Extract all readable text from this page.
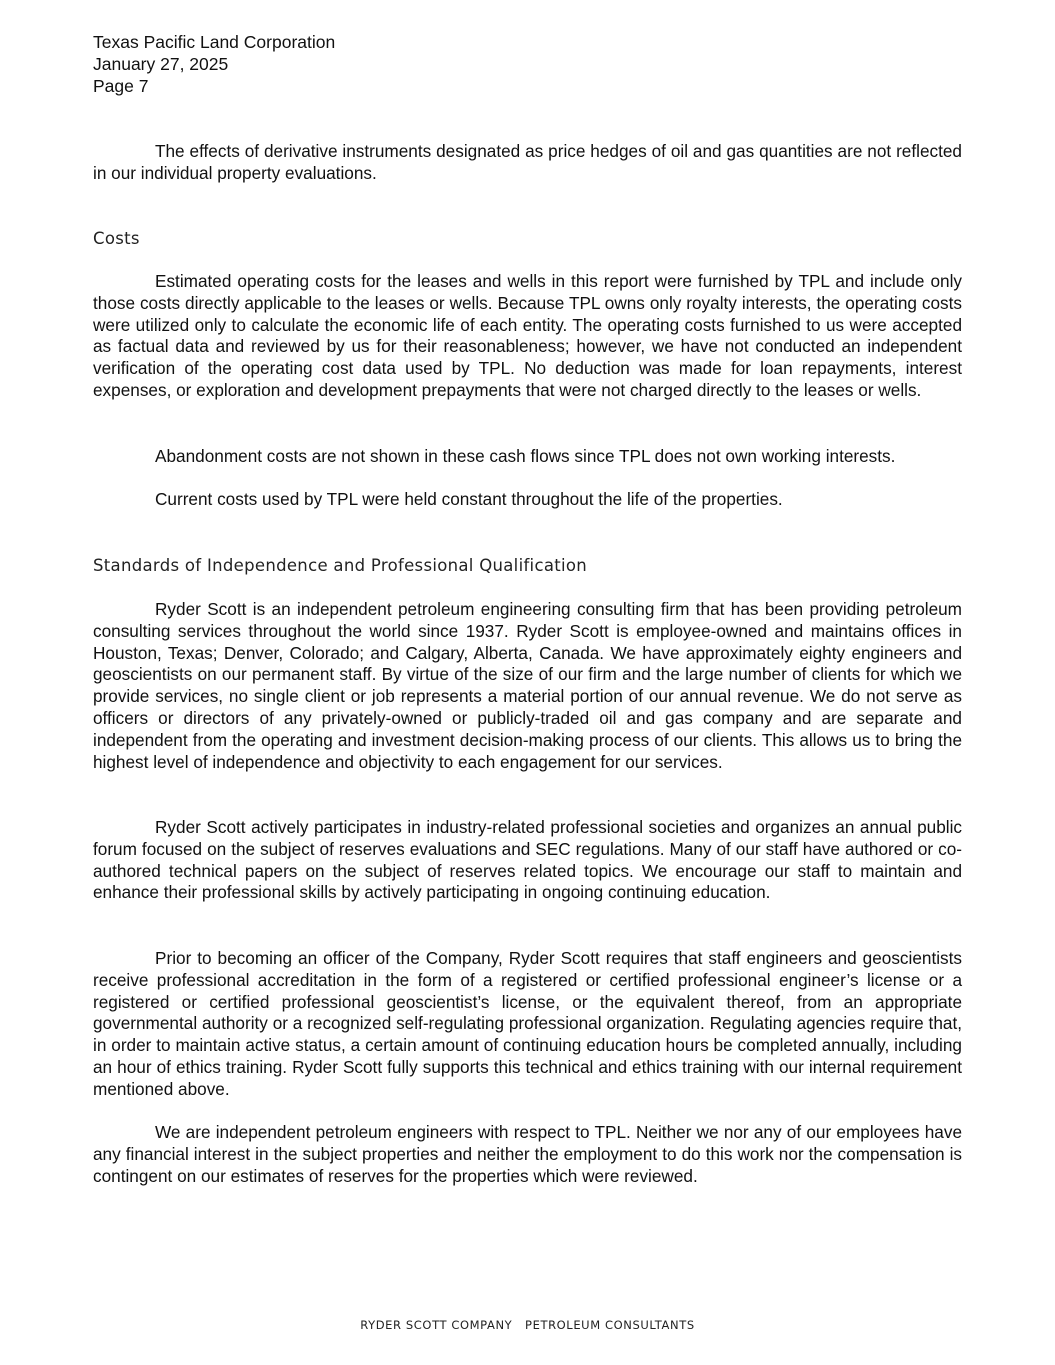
Texas Pacific Land Corporation
January 27, 2025
Page 7
The effects of derivative instruments designated as price hedges of oil and gas quantities are not reflected in our individual property evaluations.
Costs
Estimated operating costs for the leases and wells in this report were furnished by TPL and include only those costs directly applicable to the leases or wells. Because TPL owns only royalty interests, the operating costs were utilized only to calculate the economic life of each entity. The operating costs furnished to us were accepted as factual data and reviewed by us for their reasonableness; however, we have not conducted an independent verification of the operating cost data used by TPL. No deduction was made for loan repayments, interest expenses, or exploration and development prepayments that were not charged directly to the leases or wells.
Abandonment costs are not shown in these cash flows since TPL does not own working interests.
Current costs used by TPL were held constant throughout the life of the properties.
Standards of Independence and Professional Qualification
Ryder Scott is an independent petroleum engineering consulting firm that has been providing petroleum consulting services throughout the world since 1937. Ryder Scott is employee-owned and maintains offices in Houston, Texas; Denver, Colorado; and Calgary, Alberta, Canada. We have approximately eighty engineers and geoscientists on our permanent staff. By virtue of the size of our firm and the large number of clients for which we provide services, no single client or job represents a material portion of our annual revenue. We do not serve as officers or directors of any privately-owned or publicly-traded oil and gas company and are separate and independent from the operating and investment decision-making process of our clients. This allows us to bring the highest level of independence and objectivity to each engagement for our services.
Ryder Scott actively participates in industry-related professional societies and organizes an annual public forum focused on the subject of reserves evaluations and SEC regulations. Many of our staff have authored or co-authored technical papers on the subject of reserves related topics. We encourage our staff to maintain and enhance their professional skills by actively participating in ongoing continuing education.
Prior to becoming an officer of the Company, Ryder Scott requires that staff engineers and geoscientists receive professional accreditation in the form of a registered or certified professional engineer’s license or a registered or certified professional geoscientist’s license, or the equivalent thereof, from an appropriate governmental authority or a recognized self-regulating professional organization. Regulating agencies require that, in order to maintain active status, a certain amount of continuing education hours be completed annually, including an hour of ethics training. Ryder Scott fully supports this technical and ethics training with our internal requirement mentioned above.
We are independent petroleum engineers with respect to TPL. Neither we nor any of our employees have any financial interest in the subject properties and neither the employment to do this work nor the compensation is contingent on our estimates of reserves for the properties which were reviewed.
RYDER SCOTT COMPANY   PETROLEUM CONSULTANTS
